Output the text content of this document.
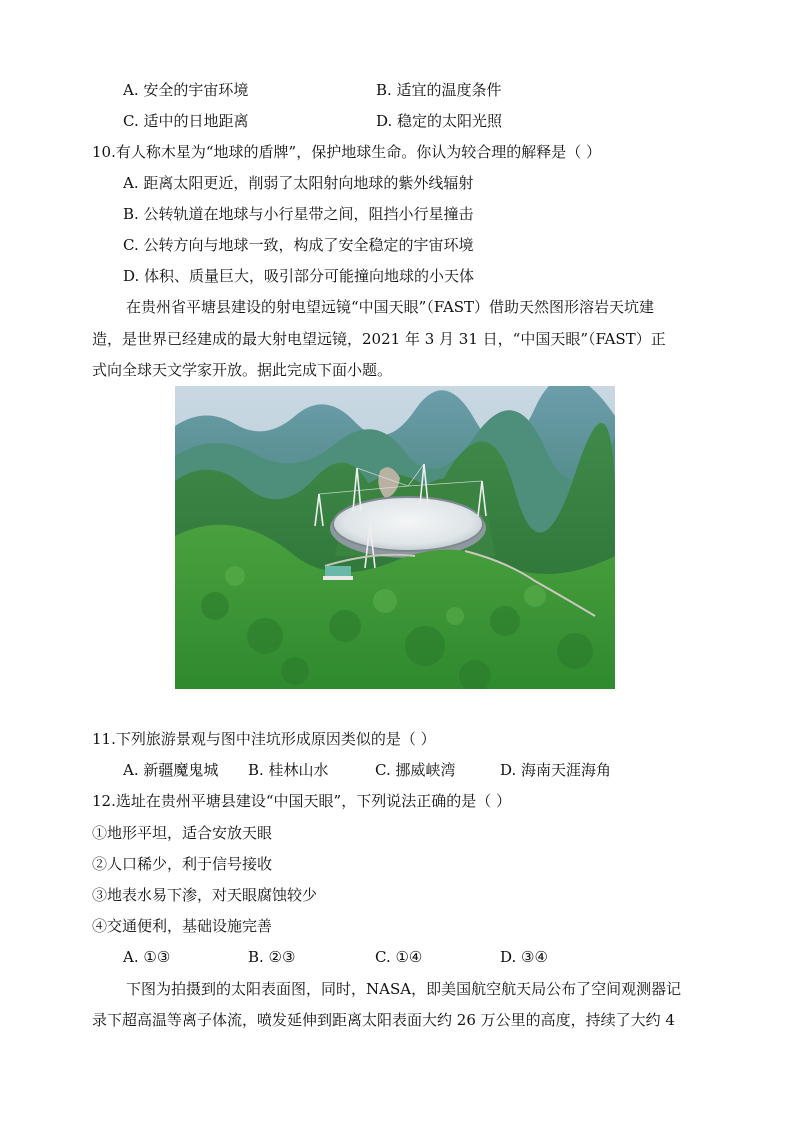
A. 安全的宇宙环境	B. 适宜的温度条件
C. 适中的日地距离	D. 稳定的太阳光照
10.有人称木星为“地球的盾牌”，保护地球生命。你认为较合理的解释是（ ）
A. 距离太阳更近，削弱了太阳射向地球的紫外线辐射
B. 公转轨道在地球与小行星带之间，阻挡小行星撞击
C. 公转方向与地球一致，构成了安全稳定的宇宙环境
D. 体积、质量巨大，吸引部分可能撞向地球的小天体
在贵州省平塘县建设的射电望远镜“中国天眼”（FAST）借助天然图形溶岩天坑建
造，是世界已经建成的最大射电望远镜，2021 年 3 月 31 日，“中国天眼”（FAST）正
式向全球天文学家开放。据此完成下面小题。
11.下列旅游景观与图中洼坑形成原因类似的是（ ）
A. 新疆魔鬼城 B. 桂林山水	C. 挪威峡湾	D. 海南天涯海角
12.选址在贵州平塘县建设“中国天眼”，下列说法正确的是（ ）
①地形平坦，适合安放天眼
②人口稀少，利于信号接收
③地表水易下渗，对天眼腐蚀较少
④交通便利，基础设施完善
A. ①③	B. ②③	C. ①④	D. ③④
下图为拍摄到的太阳表面图，同时，NASA，即美国航空航天局公布了空间观测器记
录下超高温等离子体流，喷发延伸到距离太阳表面大约 26 万公里的高度，持续了大约 4
